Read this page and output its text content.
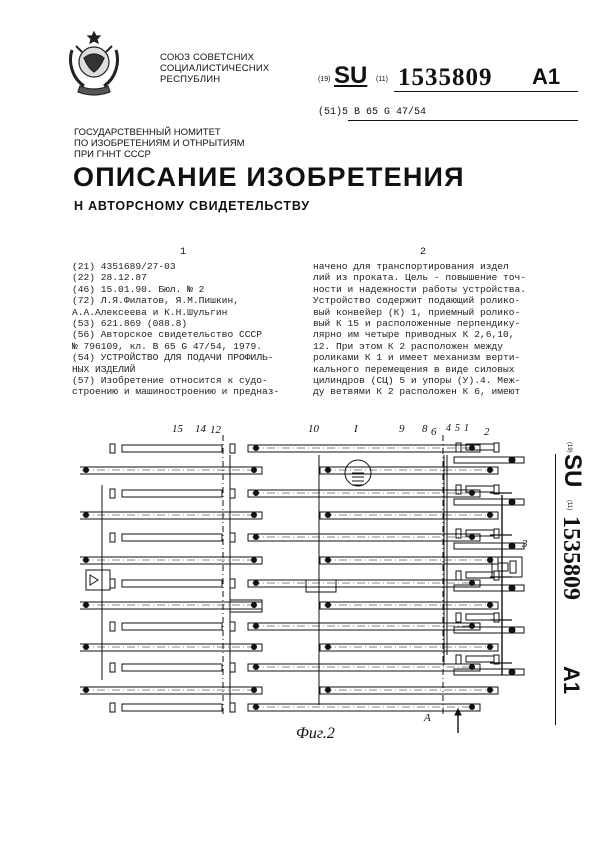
СОЮЗ СОВЕТСНИХ
СОЦИАЛИСТИЧЕСНИХ
РЕСПУБЛИН	(19) SU (11) 1535809 A1
(51)5 B 65 G 47/54
ГОСУДАРСТВЕННЫЙ НОМИТЕТ
ПО ИЗОБРЕТЕНИЯМ И ОТНРЫТИЯМ
ПРИ ГННТ СССР
ОПИСАНИЕ ИЗОБРЕТЕНИЯ
Н АВТОРСНОМУ СВИДЕТЕЛЬСТВУ
1	2
(21) 4351689/27-03
(22) 28.12.87
(46) 15.01.90. Бюл. № 2
(72) Л.Я.Филатов, Я.М.Пишкин,
А.А.Алексеева и К.Н.Шульгин
(53) 621.869 (088.8)
(56) Авторское свидетельство СССР
№ 796109, кл. B 65 G 47/54, 1979.
(54) УСТРОЙСТВО ДЛЯ ПОДАЧИ ПРОФИЛЬ-
НЫХ ИЗДЕЛИЙ
(57) Изобретение относится к судо-
строению и машиностроению и предназ-
начено для транспортирования издел
лий из проката. Цель - повышение точ-
ности и надежности работы устройства.
Устройство содержит подающий ролико-
вый конвейер (К) 1, приемный ролико-
вый К 15 и расположенные перпендику-
лярно им четыре приводных К 2,6,10,
12. При этом К 2 расположен между
роликами К 1 и имеет механизм верти-
кального перемещения в виде силовых
цилиндров (СЦ) 5 и упоры (У).4. Меж-
ду ветвями К 2 расположен К 6, имеют
15 14 12	10	I	9 8 6 4 5 1 2
3
A
Фиг.2
(19)
SU
(11)
1535809
A1
